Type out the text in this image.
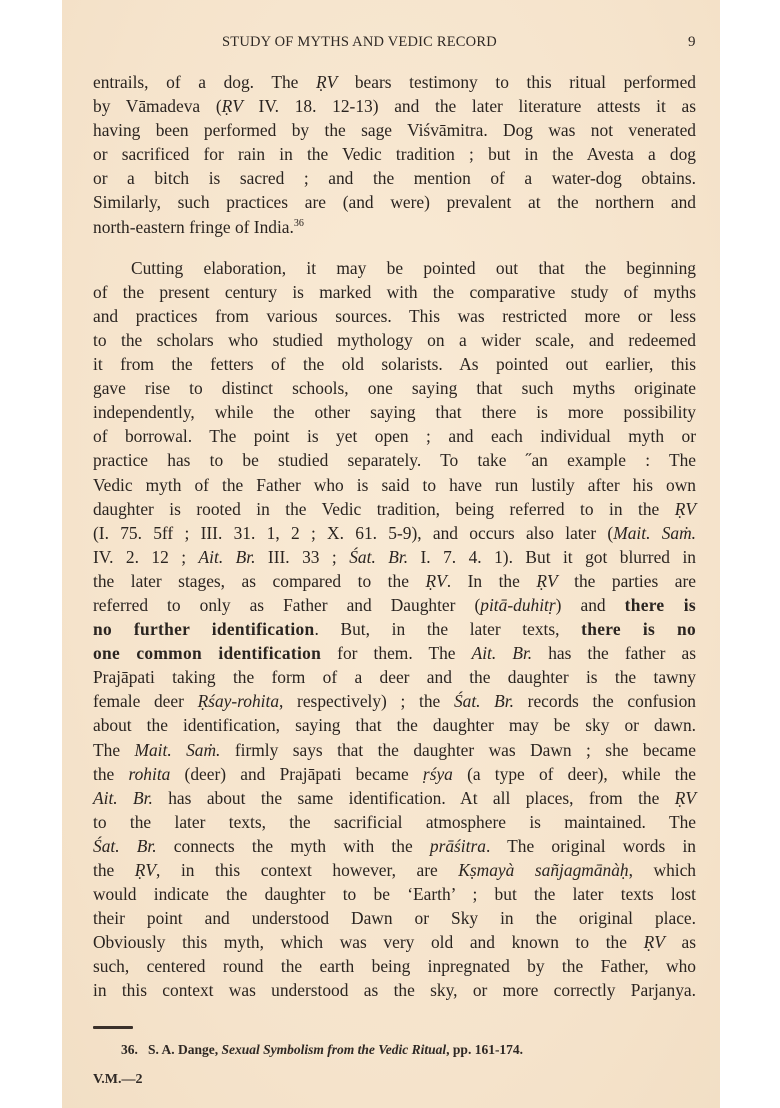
STUDY OF MYTHS AND VEDIC RECORD	9
entrails, of a dog. The ṚV bears testimony to this ritual performed
by Vāmadeva (ṚV IV. 18. 12-13) and the later literature attests it as
having been performed by the sage Viśvāmitra. Dog was not venerated
or sacrificed for rain in the Vedic tradition ; but in the Avesta a dog
or a bitch is sacred ; and the mention of a water-dog obtains.
Similarly, such practices are (and were) prevalent at the northern and
north-eastern fringe of India.$^{36}$
Cutting elaboration, it may be pointed out that the beginning
of the present century is marked with the comparative study of myths
and practices from various sources. This was restricted more or less
to the scholars who studied mythology on a wider scale, and redeemed
it from the fetters of the old solarists. As pointed out earlier, this
gave rise to distinct schools, one saying that such myths originate
independently, while the other saying that there is more possibility
of borrowal. The point is yet open ; and each individual myth or
practice has to be studied separately. To take ˝an example : The
Vedic myth of the Father who is said to have run lustily after his own
daughter is rooted in the Vedic tradition, being referred to in the ṚV
(I. 75. 5ff ; III. 31. 1, 2 ; X. 61. 5-9), and occurs also later (Mait. Saṁ.
IV. 2. 12 ; Ait. Br. III. 33 ; Śat. Br. I. 7. 4. 1). But it got blurred in
the later stages, as compared to the ṚV. In the ṚV the parties are
referred to only as Father and Daughter (pitā-duhitṛ) and there is
no further identification. But, in the later texts, there is no
one common identification for them. The Ait. Br. has the father as
Prajāpati taking the form of a deer and the daughter is the tawny
female deer Ṛśay-rohita, respectively) ; the Śat. Br. records the confusion
about the identification, saying that the daughter may be sky or dawn.
The Mait. Saṁ. firmly says that the daughter was Dawn ; she became
the rohita (deer) and Prajāpati became ṛśya (a type of deer), while the
Ait. Br. has about the same identification. At all places, from the ṚV
to the later texts, the sacrificial atmosphere is maintained. The
Śat. Br. connects the myth with the prāśitra. The original words in
the ṚV, in this context however, are Kṣmayà sañjagmānàḥ, which
would indicate the daughter to be ‘Earth’ ; but the later texts lost
their point and understood Dawn or Sky in the original place.
Obviously this myth, which was very old and known to the ṚV as
such, centered round the earth being inpregnated by the Father, who
in this context was understood as the sky, or more correctly Parjanya.
36. S. A. Dange, Sexual Symbolism from the Vedic Ritual, pp. 161-174.
V.M.—2
